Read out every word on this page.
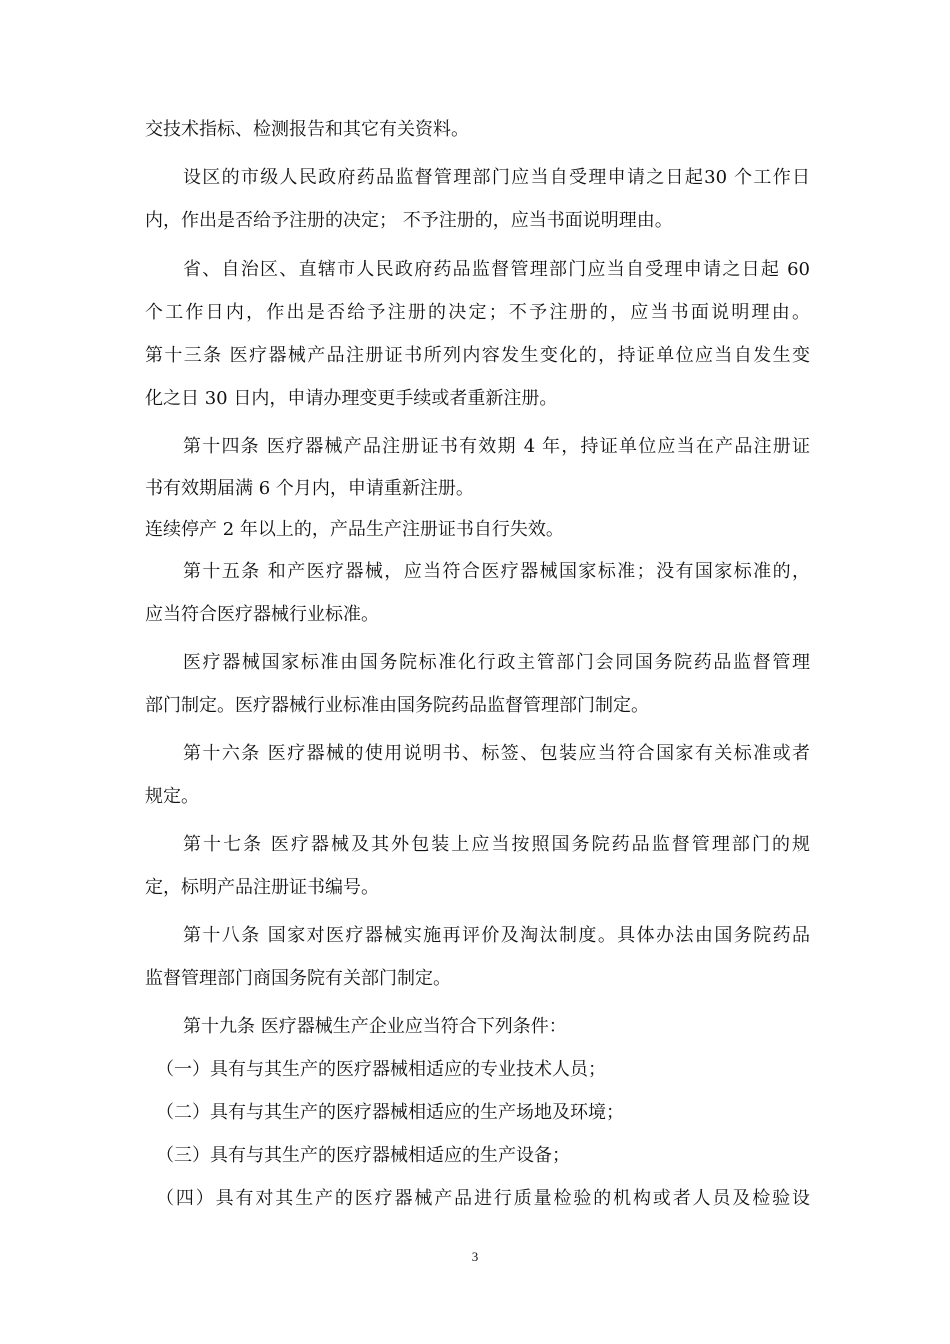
交技术指标、检测报告和其它有关资料。
设区的市级人民政府药品监督管理部门应当自受理申请之日起30 个工作日
内，作出是否给予注册的决定； 不予注册的，应当书面说明理由。
省、自治区、直辖市人民政府药品监督管理部门应当自受理申请之日起 60
个工作日内，作出是否给予注册的决定；不予注册的，应当书面说明理由。
第十三条 医疗器械产品注册证书所列内容发生变化的，持证单位应当自发生变
化之日 30 日内，申请办理变更手续或者重新注册。
第十四条 医疗器械产品注册证书有效期 4 年，持证单位应当在产品注册证
书有效期届满 6 个月内，申请重新注册。
连续停产 2 年以上的，产品生产注册证书自行失效。
第十五条 和产医疗器械，应当符合医疗器械国家标准；没有国家标准的，
应当符合医疗器械行业标准。
医疗器械国家标准由国务院标准化行政主管部门会同国务院药品监督管理
部门制定。医疗器械行业标准由国务院药品监督管理部门制定。
第十六条 医疗器械的使用说明书、标签、包装应当符合国家有关标准或者
规定。
第十七条 医疗器械及其外包装上应当按照国务院药品监督管理部门的规
定，标明产品注册证书编号。
第十八条 国家对医疗器械实施再评价及淘汰制度。具体办法由国务院药品
监督管理部门商国务院有关部门制定。
第十九条 医疗器械生产企业应当符合下列条件：
（一）具有与其生产的医疗器械相适应的专业技术人员；
（二）具有与其生产的医疗器械相适应的生产场地及环境；
（三）具有与其生产的医疗器械相适应的生产设备；
（四）具有对其生产的医疗器械产品进行质量检验的机构或者人员及检验设
3
